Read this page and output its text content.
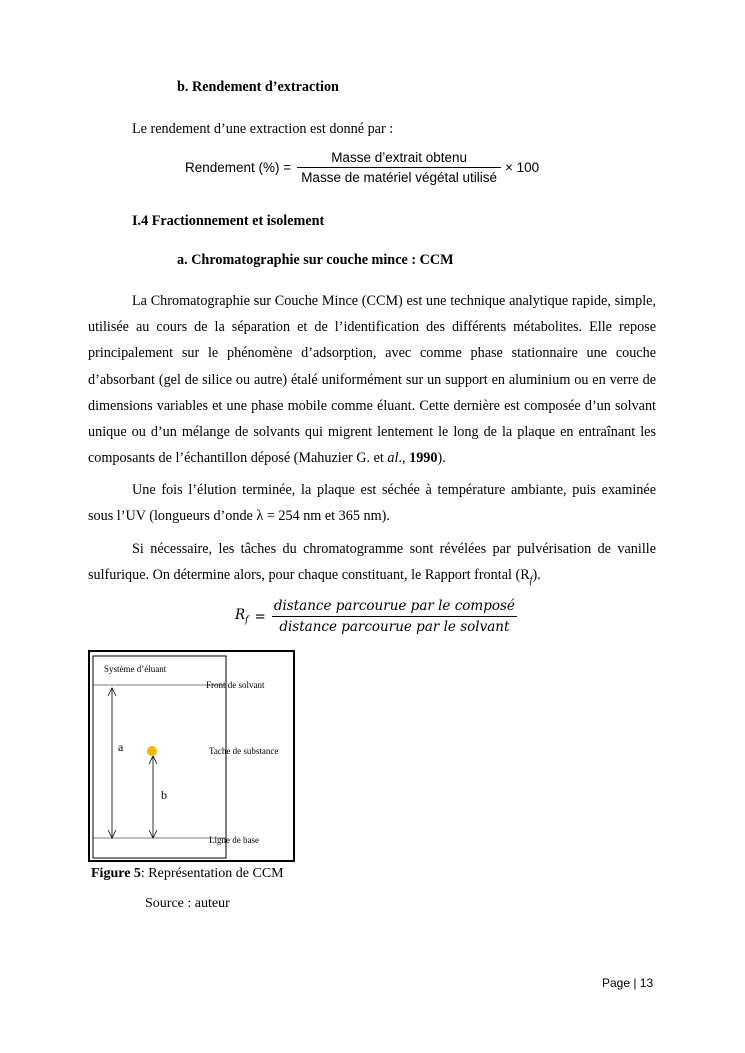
b. Rendement d’extraction
Le rendement d’une extraction est donné par :
Rendement (%) = $\frac{\text{Masse d’extrait obtenu}}{\text{Masse de matériel végétal utilisé}} \times 100$
I.4 Fractionnement et isolement
a. Chromatographie sur couche mince : CCM

La Chromatographie sur Couche Mince (CCM) est une technique analytique rapide, simple, utilisée au cours de la séparation et de l’identification des différents métabolites. Elle repose principalement sur le phénomène d’adsorption, avec comme phase stationnaire une couche d’absorbant (gel de silice ou autre) étalé uniformément sur un support en aluminium ou en verre de dimensions variables et une phase mobile comme éluant. Cette dernière est composée d’un solvant unique ou d’un mélange de solvants qui migrent lentement le long de la plaque en entraînant les composants de l’échantillon déposé (Mahuzier G. et al., 1990).

Une fois l’élution terminée, la plaque est séchée à température ambiante, puis examinée sous l’UV (longueurs d’onde λ = 254 nm et 365 nm).

Si nécessaire, les tâches du chromatogramme sont révélées par pulvérisation de vanille sulfurique. On détermine alors, pour chaque constituant, le Rapport frontal $(R_f)$.

$R_f = \frac{\text{distance parcourue par le composé}}{\text{distance parcourue par le solvant}}$
Système d’éluant
Front de solvant
Tache de substance
Ligne de base
a
b
Figure 5: Représentation de CCM
Source : auteur
Page | 13
